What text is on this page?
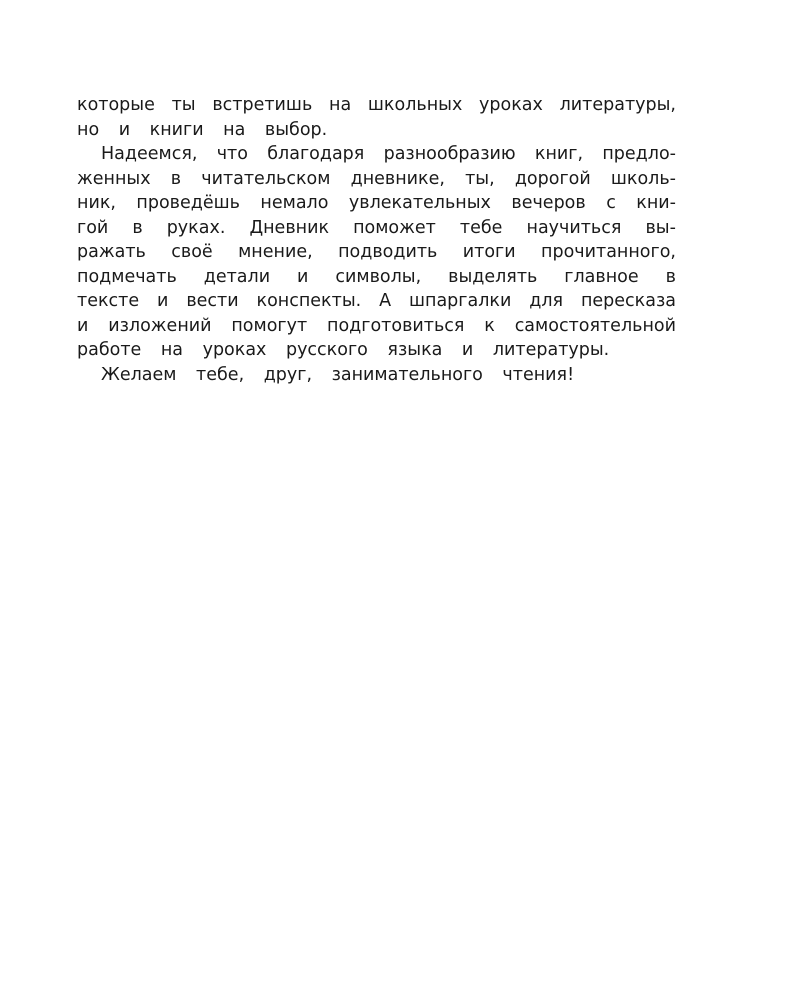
которые ты встретишь на школьных уроках литературы,
но и книги на выбор.
Надеемся, что благодаря разнообразию книг, предло-
женных в читательском дневнике, ты, дорогой школь-
ник, проведёшь немало увлекательных вечеров с кни-
гой в руках. Дневник поможет тебе научиться вы-
ражать своё мнение, подводить итоги прочитанного,
подмечать детали и символы, выделять главное в
тексте и вести конспекты. А шпаргалки для пересказа
и изложений помогут подготовиться к самостоятельной
работе на уроках русского языка и литературы.
Желаем тебе, друг, занимательного чтения!
